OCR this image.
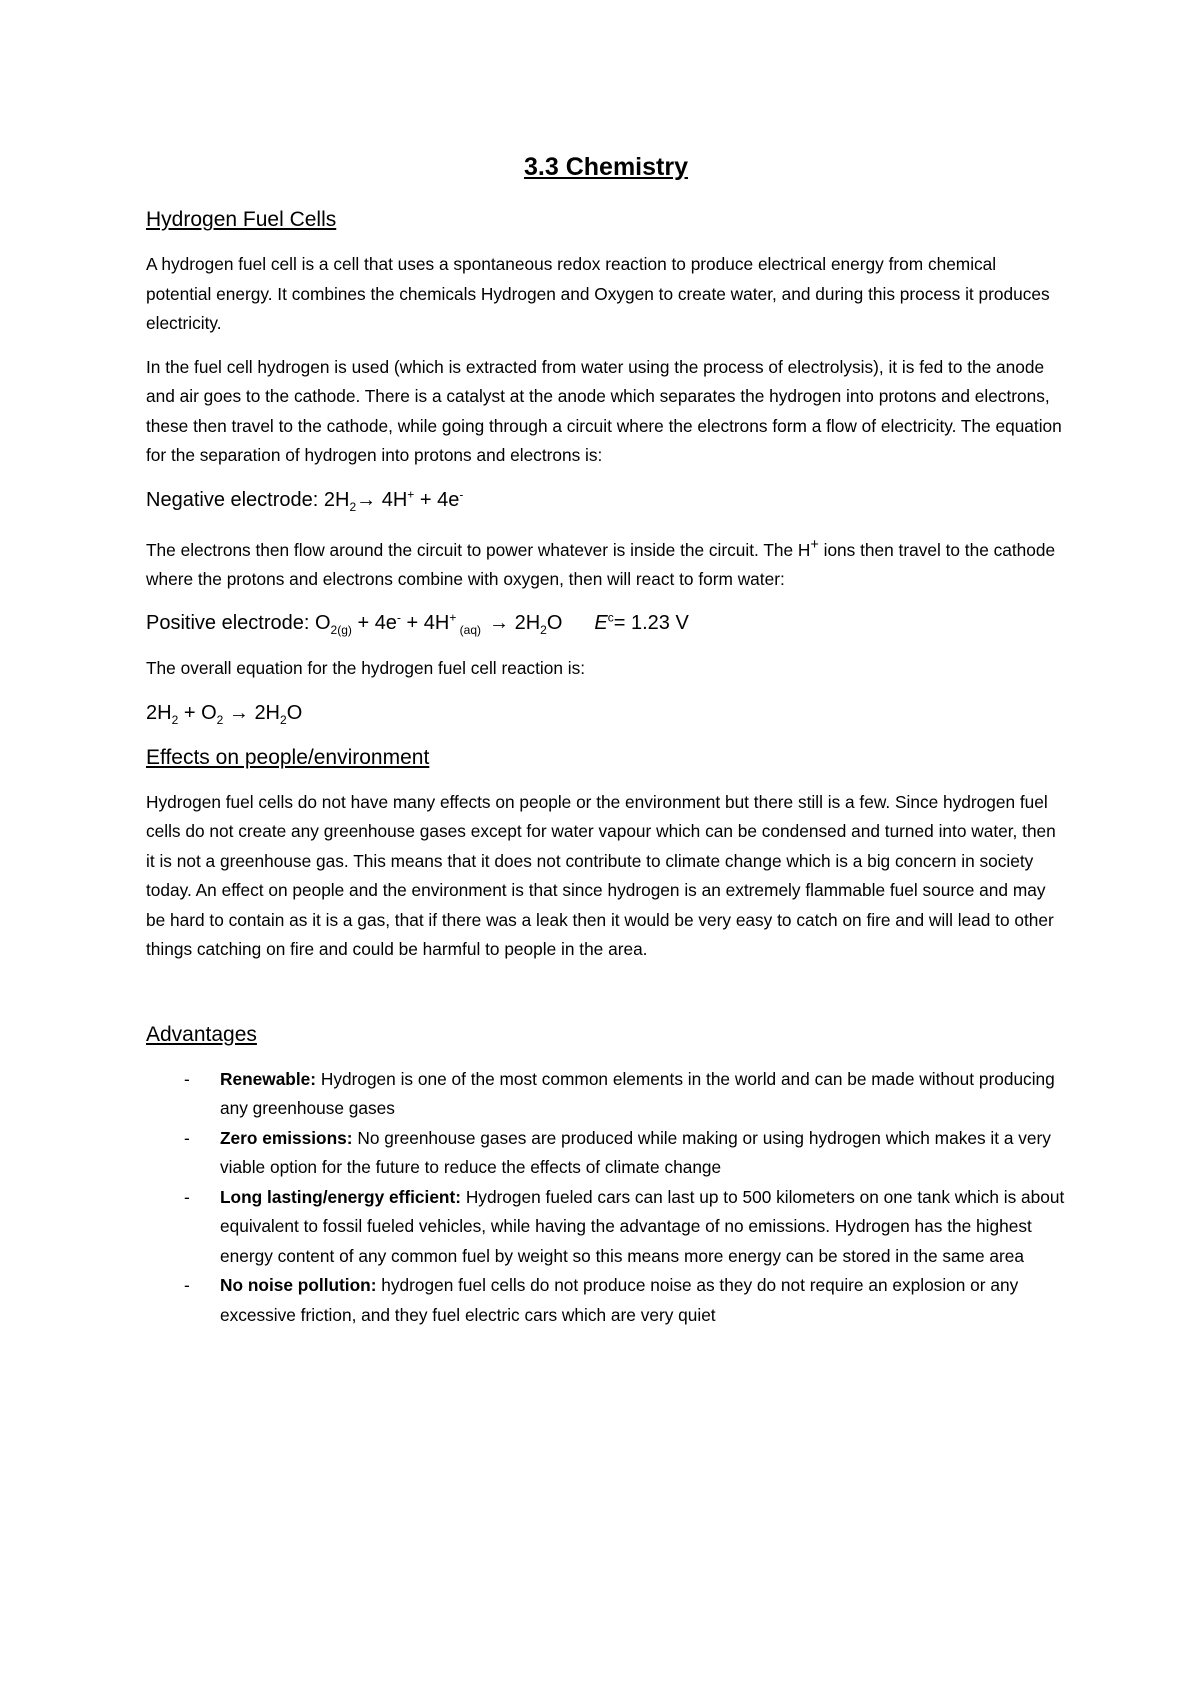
3.3 Chemistry
Hydrogen Fuel Cells

A hydrogen fuel cell is a cell that uses a spontaneous redox reaction to produce electrical energy from chemical potential energy. It combines the chemicals Hydrogen and Oxygen to create water, and during this process it produces electricity.

In the fuel cell hydrogen is used (which is extracted from water using the process of electrolysis), it is fed to the anode and air goes to the cathode. There is a catalyst at the anode which separates the hydrogen into protons and electrons, these then travel to the cathode, while going through a circuit where the electrons form a flow of electricity. The equation for the separation of hydrogen into protons and electrons is:

Negative electrode: $2H_2\to 4H^+ + 4e^-$

The electrons then flow around the circuit to power whatever is inside the circuit. The H+ ions then travel to the cathode where the protons and electrons combine with oxygen, then will react to form water:

Positive electrode: $O_{2(g)} + 4e^- + 4H^+$ $_{(aq)} \to 2H_2O$ $E^c= 1.23$ V

The overall equation for the hydrogen fuel cell reaction is:

$2H_2 + O_2 \to 2H_2O$
Effects on people/environment

Hydrogen fuel cells do not have many effects on people or the environment but there still is a few. Since hydrogen fuel cells do not create any greenhouse gases except for water vapour which can be condensed and turned into water, then it is not a greenhouse gas. This means that it does not contribute to climate change which is a big concern in society today. An effect on people and the environment is that since hydrogen is an extremely flammable fuel source and may be hard to contain as it is a gas, that if there was a leak then it would be very easy to catch on fire and will lead to other things catching on fire and could be harmful to people in the area.

Advantages
- Renewable: Hydrogen is one of the most common elements in the world and can be made without producing any greenhouse gases
- Zero emissions: No greenhouse gases are produced while making or using hydrogen which makes it a very viable option for the future to reduce the effects of climate change
- Long lasting/energy efficient: Hydrogen fueled cars can last up to 500 kilometers on one tank which is about equivalent to fossil fueled vehicles, while having the advantage of no emissions. Hydrogen has the highest energy content of any common fuel by weight so this means more energy can be stored in the same area
- No noise pollution: hydrogen fuel cells do not produce noise as they do not require an explosion or any excessive friction, and they fuel electric cars which are very quiet
